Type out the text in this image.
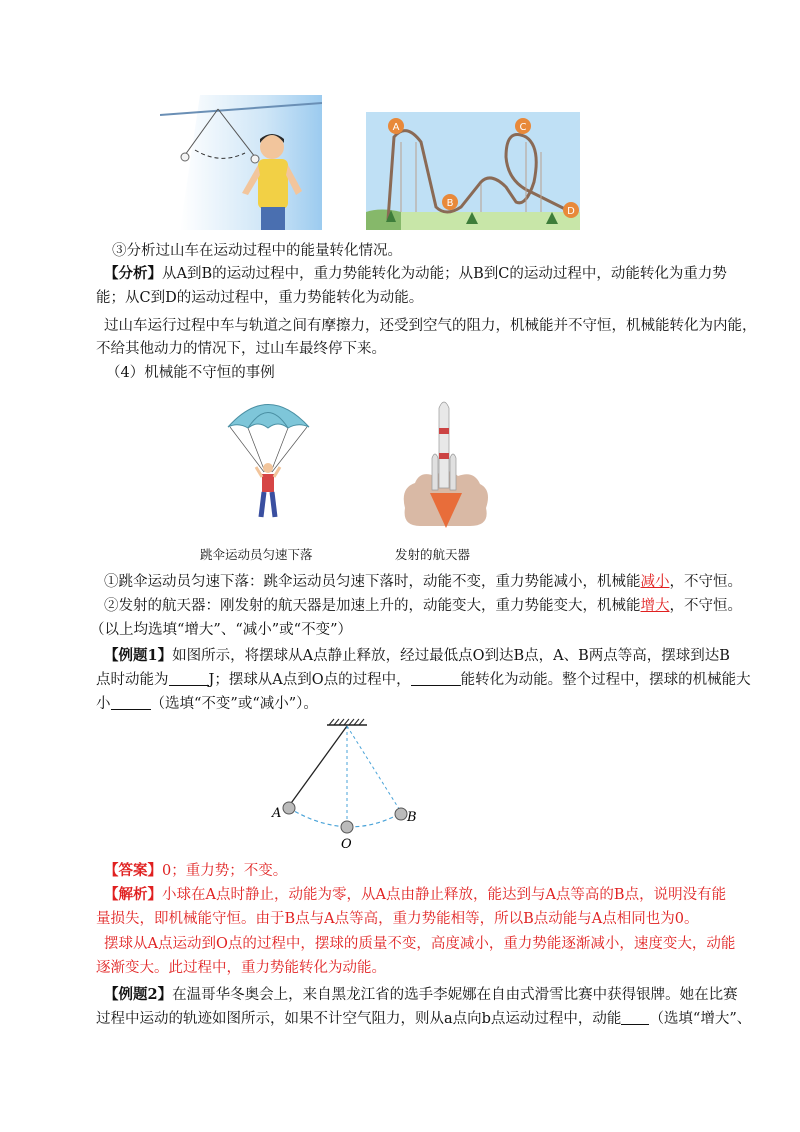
A
B
C
D
③分析过山车在运动过程中的能量转化情况。
【分析】从A到B的运动过程中，重力势能转化为动能；从B到C的运动过程中，动能转化为重力势
能；从C到D的运动过程中，重力势能转化为动能。
过山车运行过程中车与轨道之间有摩擦力，还受到空气的阻力，机械能并不守恒，机械能转化为内能，
不给其他动力的情况下，过山车最终停下来。
（4）机械能不守恒的事例
跳伞运动员匀速下落	发射的航天器
①跳伞运动员匀速下落：跳伞运动员匀速下落时，动能不变，重力势能减小，机械能减小，不守恒。
②发射的航天器：刚发射的航天器是加速上升的，动能变大，重力势能变大，机械能增大，不守恒。
（以上均选填“增大”、“减小”或“不变”）
【例题1】如图所示，将摆球从A点静止释放，经过最低点O到达B点，A、B两点等高，摆球到达B
点时动能为	J；摆球从A点到O点的过程中，	能转化为动能。整个过程中，摆球的机械能大
小	（选填“不变”或“减小”）。
A	B
O
【答案】0；重力势；不变。
【解析】小球在A点时静止，动能为零，从A点由静止释放，能达到与A点等高的B点，说明没有能
量损失，即机械能守恒。由于B点与A点等高，重力势能相等，所以B点动能与A点相同也为0。
摆球从A点运动到O点的过程中，摆球的质量不变，高度减小，重力势能逐渐减小，速度变大，动能
逐渐变大。此过程中，重力势能转化为动能。
【例题2】在温哥华冬奥会上，来自黑龙江省的选手李妮娜在自由式滑雪比赛中获得银牌。她在比赛
过程中运动的轨迹如图所示，如果不计空气阻力，则从a点向b点运动过程中，动能 （选填“增大”、
